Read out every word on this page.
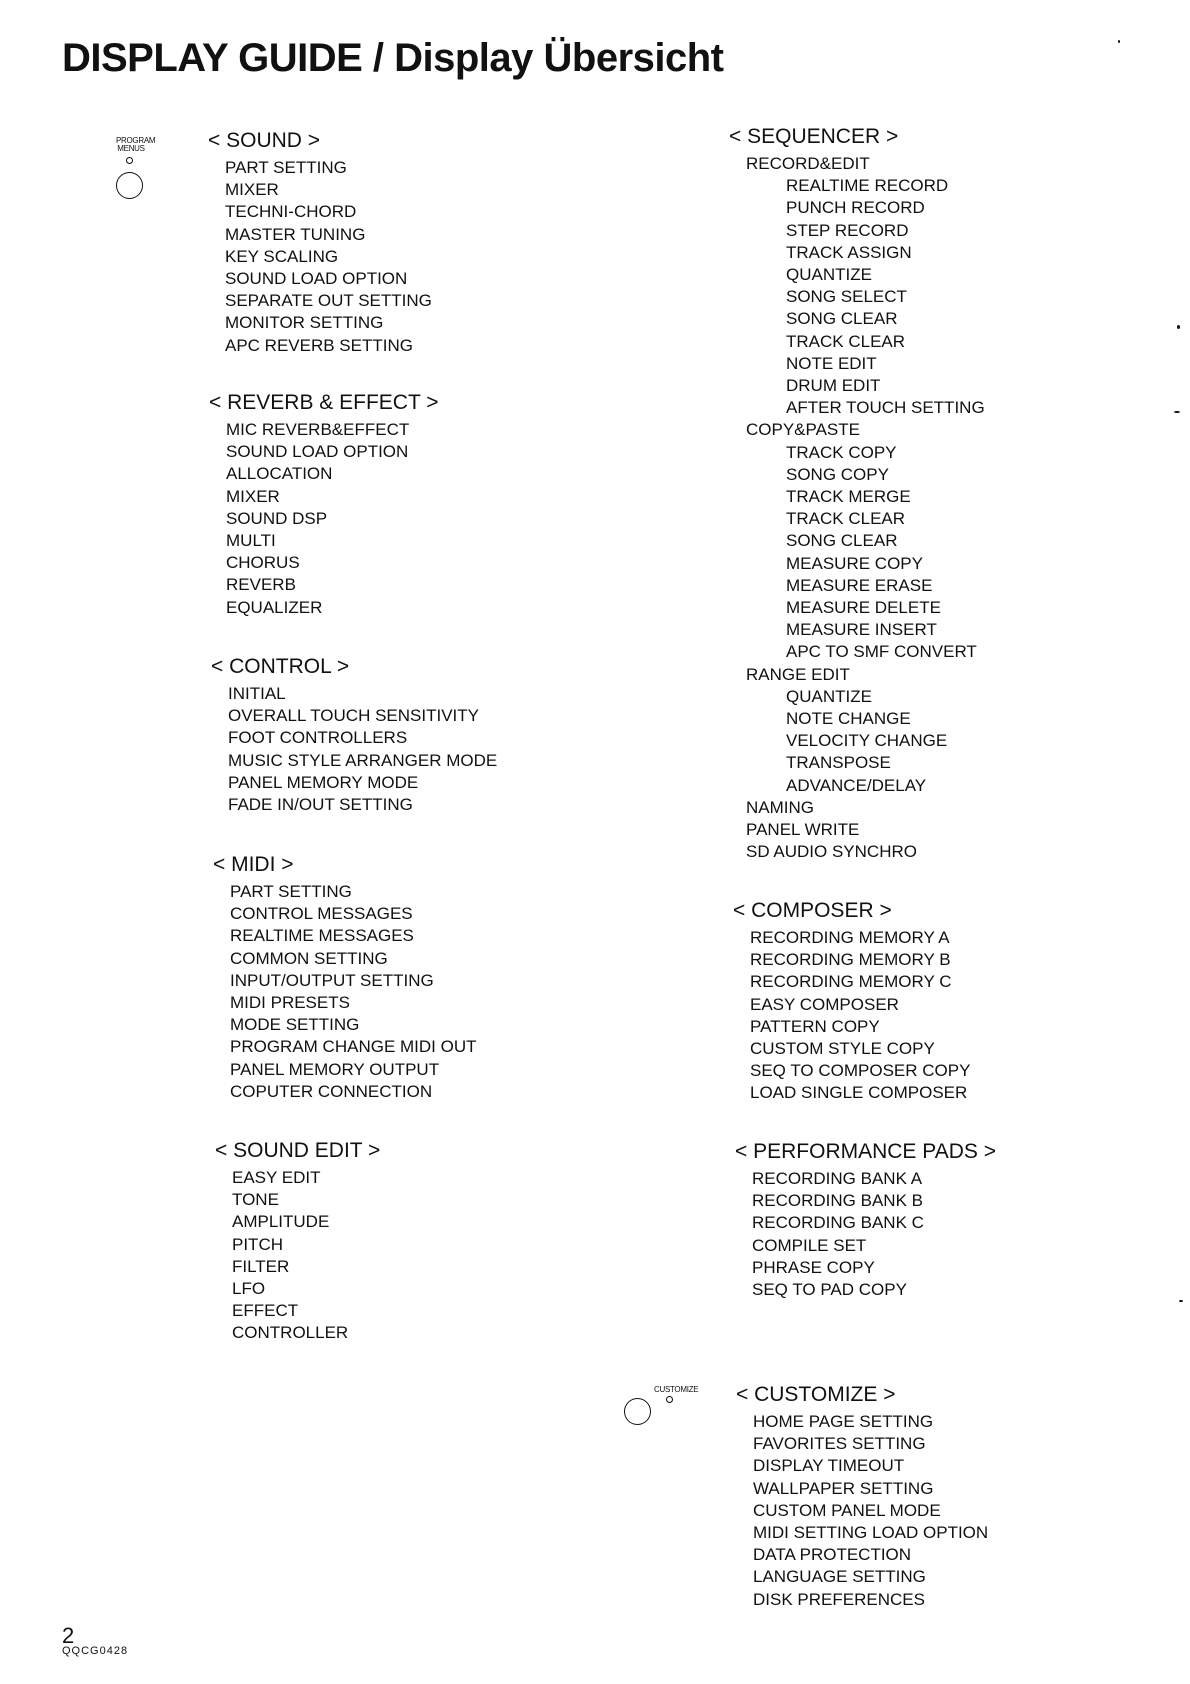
DISPLAY GUIDE / Display Übersicht
PROGRAM
MENUS
CUSTOMIZE
< SOUND >
PART SETTING
MIXER
TECHNI-CHORD
MASTER TUNING
KEY SCALING
SOUND LOAD OPTION
SEPARATE OUT SETTING
MONITOR SETTING
APC REVERB SETTING
< REVERB & EFFECT >
MIC REVERB&EFFECT
SOUND LOAD OPTION
ALLOCATION
MIXER
SOUND DSP
MULTI
CHORUS
REVERB
EQUALIZER
< CONTROL >
INITIAL
OVERALL TOUCH SENSITIVITY
FOOT CONTROLLERS
MUSIC STYLE ARRANGER MODE
PANEL MEMORY MODE
FADE IN/OUT SETTING
< MIDI >
PART SETTING
CONTROL MESSAGES
REALTIME MESSAGES
COMMON SETTING
INPUT/OUTPUT SETTING
MIDI PRESETS
MODE SETTING
PROGRAM CHANGE MIDI OUT
PANEL MEMORY OUTPUT
COPUTER CONNECTION
< SOUND EDIT >
EASY EDIT
TONE
AMPLITUDE
PITCH
FILTER
LFO
EFFECT
CONTROLLER
< SEQUENCER >
RECORD&EDIT
REALTIME RECORD
PUNCH RECORD
STEP RECORD
TRACK ASSIGN
QUANTIZE
SONG SELECT
SONG CLEAR
TRACK CLEAR
NOTE EDIT
DRUM EDIT
AFTER TOUCH SETTING
COPY&PASTE
TRACK COPY
SONG COPY
TRACK MERGE
TRACK CLEAR
SONG CLEAR
MEASURE COPY
MEASURE ERASE
MEASURE DELETE
MEASURE INSERT
APC TO SMF CONVERT
RANGE EDIT
QUANTIZE
NOTE CHANGE
VELOCITY CHANGE
TRANSPOSE
ADVANCE/DELAY
NAMING
PANEL WRITE
SD AUDIO SYNCHRO
< COMPOSER >
RECORDING MEMORY A
RECORDING MEMORY B
RECORDING MEMORY C
EASY COMPOSER
PATTERN COPY
CUSTOM STYLE COPY
SEQ TO COMPOSER COPY
LOAD SINGLE COMPOSER
< PERFORMANCE PADS >
RECORDING BANK A
RECORDING BANK B
RECORDING BANK C
COMPILE SET
PHRASE COPY
SEQ TO PAD COPY
< CUSTOMIZE >
HOME PAGE SETTING
FAVORITES SETTING
DISPLAY TIMEOUT
WALLPAPER SETTING
CUSTOM PANEL MODE
MIDI SETTING LOAD OPTION
DATA PROTECTION
LANGUAGE SETTING
DISK PREFERENCES
2
QQCG0428
